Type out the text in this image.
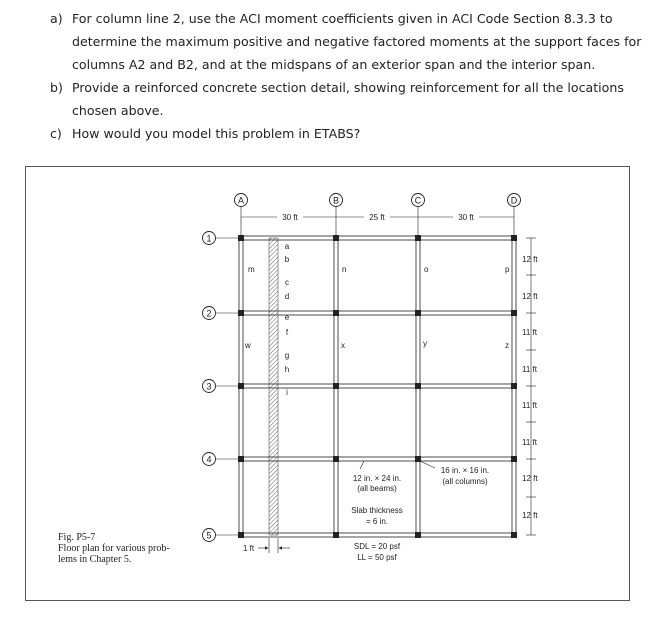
a) For column line 2, use the ACI moment coefficients given in ACI Code Section 8.3.3 to
determine the maximum positive and negative factored moments at the support faces for
columns A2 and B2, and at the midspans of an exterior span and the interior span.
b) Provide a reinforced concrete section detail, showing reinforcement for all the locations
chosen above.
c) How would you model this problem in ETABS?
Fig. P5-7
Floor plan for various prob-
lems in Chapter 5.
A	B	C	D
30 ft	25 ft	30 ft
1
2
3
4
5
a
b
c
d
e
f
g
h
i
m	n	o	p
w	x	y	z
12 in. × 24 in.
(all beams)
16 in. × 16 in.
(all columns)
Slab thickness
= 6 in.
SDL = 20 psf
LL = 50 psf
1 ft
12 ft
12 ft
11 ft
11 ft
11 ft
11 ft
12 ft
12 ft
